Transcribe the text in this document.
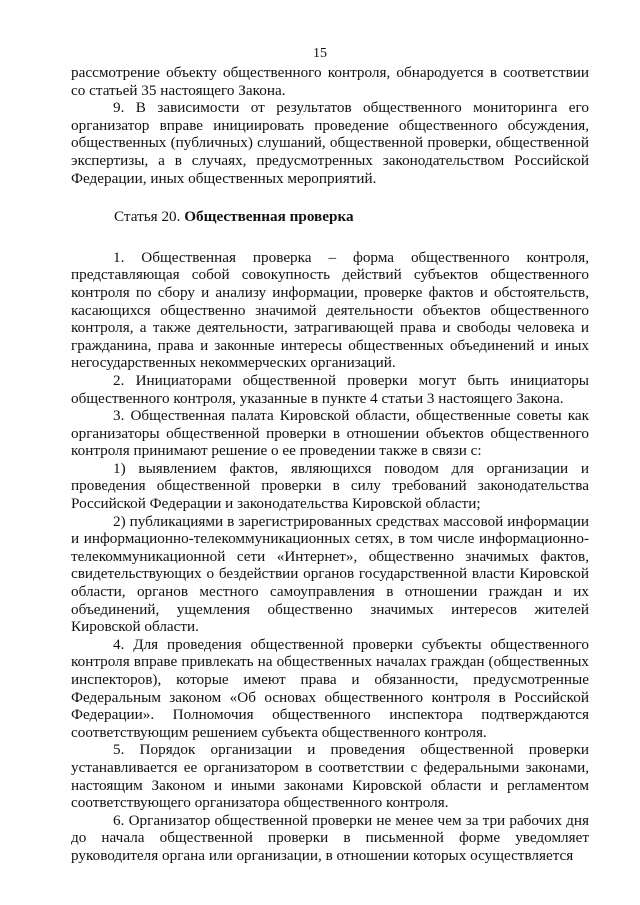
15

рассмотрение объекту общественного контроля, обнародуется в соответствии со статьей 35 настоящего Закона.

9. В зависимости от результатов общественного мониторинга его организатор вправе инициировать проведение общественного обсуждения, общественных (публичных) слушаний, общественной проверки, общественной экспертизы, а в случаях, предусмотренных законодательством Российской Федерации, иных общественных мероприятий.

Статья 20. Общественная проверка

1. Общественная проверка – форма общественного контроля, представляющая собой совокупность действий субъектов общественного контроля по сбору и анализу информации, проверке фактов и обстоятельств, касающихся общественно значимой деятельности объектов общественного контроля, а также деятельности, затрагивающей права и свободы человека и гражданина, права и законные интересы общественных объединений и иных негосударственных некоммерческих организаций.

2. Инициаторами общественной проверки могут быть инициаторы общественного контроля, указанные в пункте 4 статьи 3 настоящего Закона.

3. Общественная палата Кировской области, общественные советы как организаторы общественной проверки в отношении объектов общественного контроля принимают решение о ее проведении также в связи с:

1) выявлением фактов, являющихся поводом для организации и проведения общественной проверки в силу требований законодательства Российской Федерации и законодательства Кировской области;

2) публикациями в зарегистрированных средствах массовой информации и информационно-телекоммуникационных сетях, в том числе информационно-телекоммуникационной сети «Интернет», общественно значимых фактов, свидетельствующих о бездействии органов государственной власти Кировской области, органов местного самоуправления в отношении граждан и их объединений, ущемления общественно значимых интересов жителей Кировской области.

4. Для проведения общественной проверки субъекты общественного контроля вправе привлекать на общественных началах граждан (общественных инспекторов), которые имеют права и обязанности, предусмотренные Федеральным законом «Об основах общественного контроля в Российской Федерации». Полномочия общественного инспектора подтверждаются соответствующим решением субъекта общественного контроля.

5. Порядок организации и проведения общественной проверки устанавливается ее организатором в соответствии с федеральными законами, настоящим Законом и иными законами Кировской области и регламентом соответствующего организатора общественного контроля.

6. Организатор общественной проверки не менее чем за три рабочих дня до начала общественной проверки в письменной форме уведомляет руководителя органа или организации, в отношении которых осуществляется
